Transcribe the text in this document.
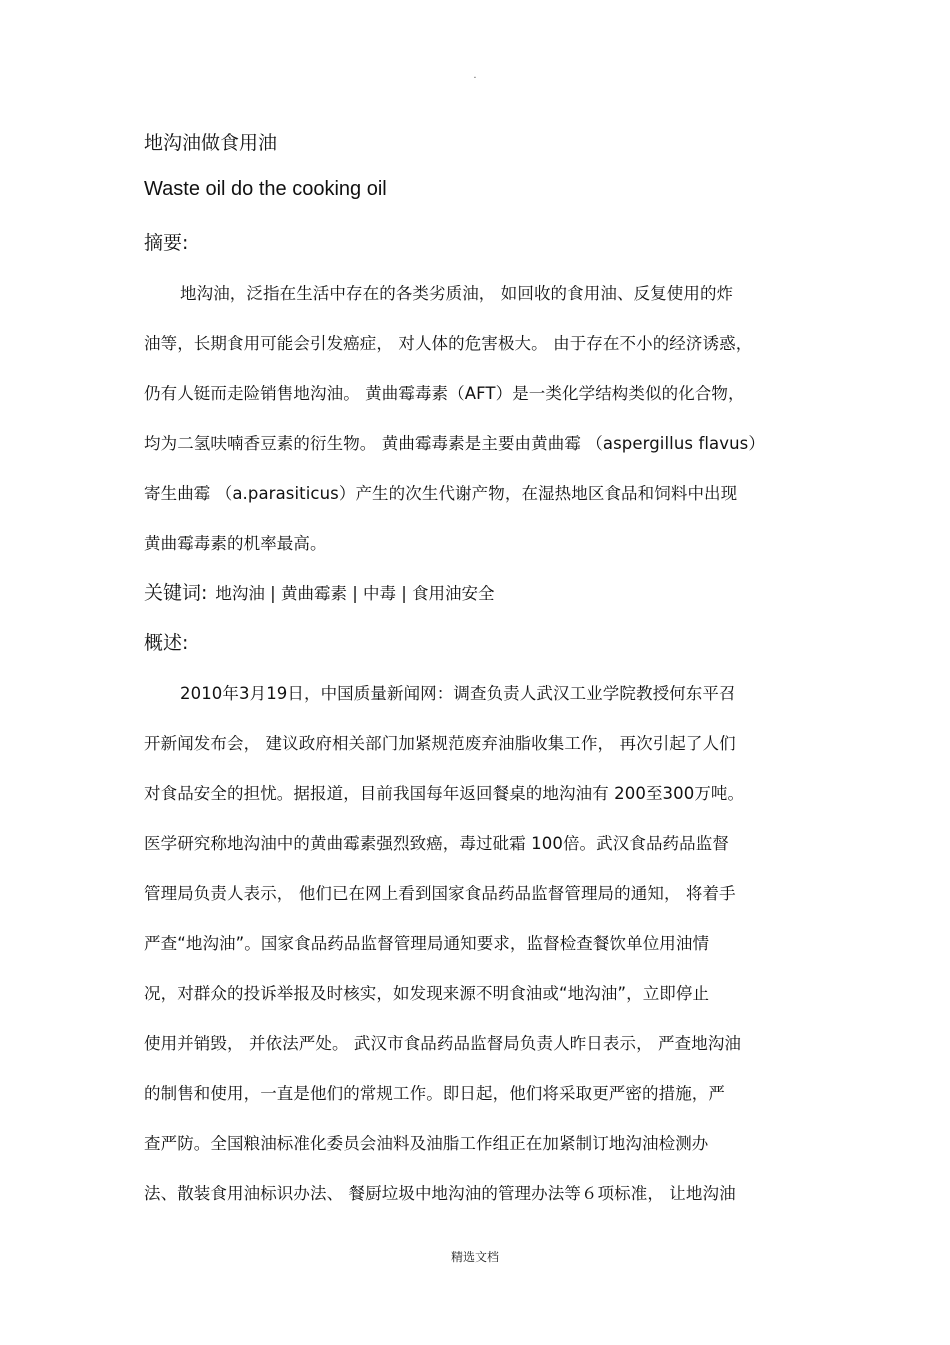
.
地沟油做食用油
Waste oil do the cooking oil
摘要:
地沟油，泛指在生活中存在的各类劣质油， 如回收的食用油、反复使用的炸
油等，长期食用可能会引发癌症， 对人体的危害极大。 由于存在不小的经济诱惑，
仍有人铤而走险销售地沟油。 黄曲霉毒素（AFT）是一类化学结构类似的化合物，
均为二氢呋喃香豆素的衍生物。 黄曲霉毒素是主要由黄曲霉 （aspergillus flavus）
寄生曲霉 （a.parasiticus）产生的次生代谢产物，在湿热地区食品和饲料中出现
黄曲霉毒素的机率最高。
关键词: 地沟油 | 黄曲霉素 | 中毒 | 食用油安全
概述:
2010年3月19日，中国质量新闻网：调查负责人武汉工业学院教授何东平召
开新闻发布会， 建议政府相关部门加紧规范废弃油脂收集工作， 再次引起了人们
对食品安全的担忧。据报道，目前我国每年返回餐桌的地沟油有 200至300万吨。
医学研究称地沟油中的黄曲霉素强烈致癌，毒过砒霜 100倍。武汉食品药品监督
管理局负责人表示， 他们已在网上看到国家食品药品监督管理局的通知， 将着手
严查“地沟油”。国家食品药品监督管理局通知要求，监督检查餐饮单位用油情
况，对群众的投诉举报及时核实，如发现来源不明食油或“地沟油”，立即停止
使用并销毁， 并依法严处。 武汉市食品药品监督局负责人昨日表示， 严查地沟油
的制售和使用，一直是他们的常规工作。即日起，他们将采取更严密的措施，严
查严防。全国粮油标准化委员会油料及油脂工作组正在加紧制订地沟油检测办
法、散装食用油标识办法、 餐厨垃圾中地沟油的管理办法等６项标准， 让地沟油
精选文档
